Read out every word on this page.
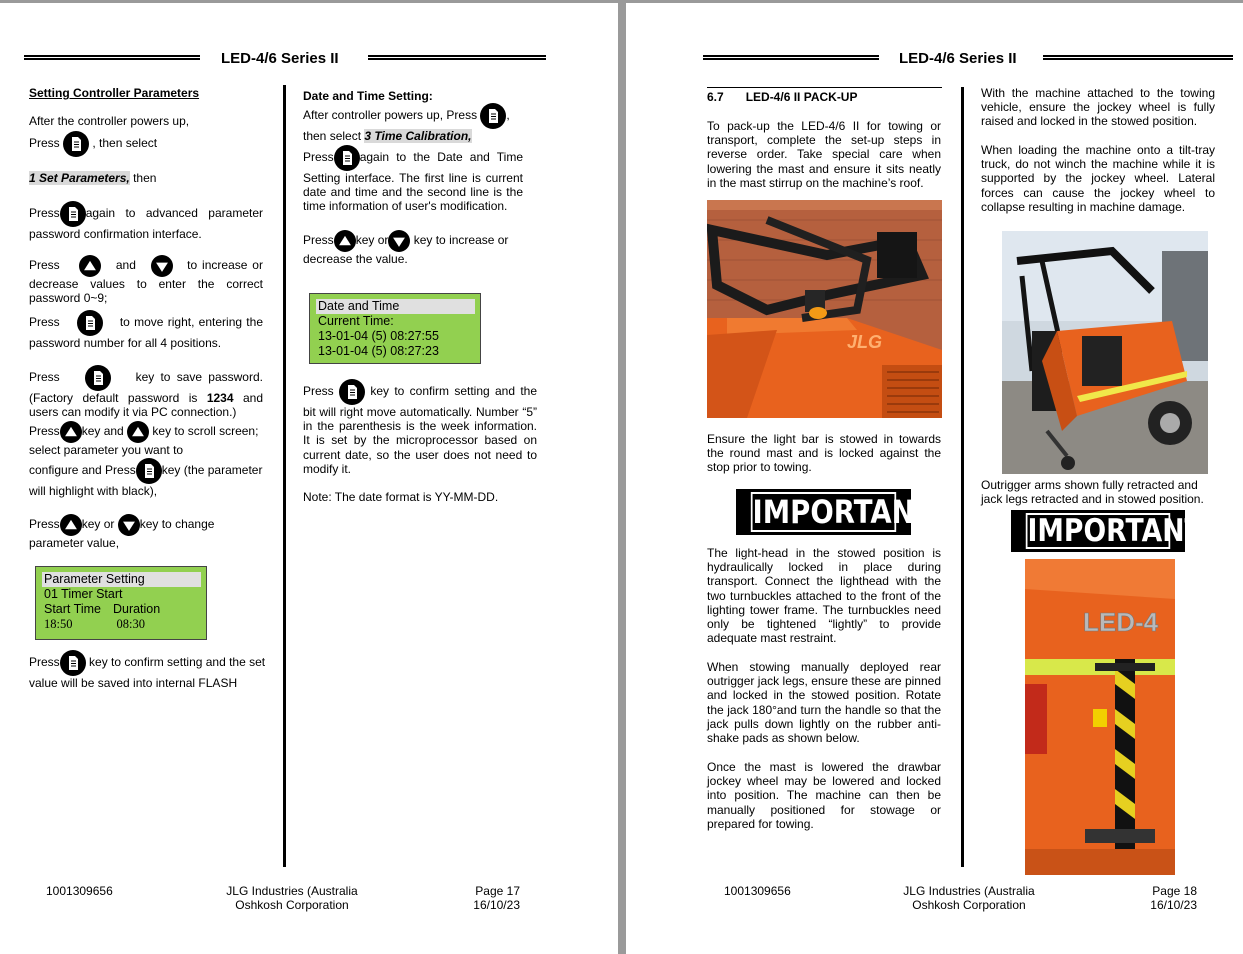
LED-4/6 Series II
Setting Controller Parameters
After the controller powers up,
Press	, then select
1 Set Parameters, then
Press again to advanced parameter password confirmation interface.
Press	and	to increase or decrease values to enter the correct password 0~9;
Press	to move right, entering the password number for all 4 positions.
Press	key to save password. (Factory default password is 1234 and users can modify it via PC connection.)
Press key and key to scroll screen; select parameter you want to
configure and Press key (the parameter will highlight with black),
Press key or key to change parameter value,
Parameter Setting
01 Timer Start
Start Time Duration
18:50	08:30
Press key to confirm setting and the set value will be saved into internal FLASH
Date and Time Setting:
After controller powers up, Press ,
then select 3 Time Calibration,
Press again to the Date and Time Setting interface. The first line is current date and time and the second line is the time information of user's modification.
Press key or key to increase or decrease the value.
Date and Time
Current Time:
13-01-04 (5) 08:27:55
13-01-04 (5) 08:27:23
Press	key to confirm setting and the bit will right move automatically. Number “5” in the parenthesis is the week information. It is set by the microprocessor based on current date, so the user does not need to modify it.
Note: The date format is YY-MM-DD.
1001309656	JLG Industries (Australia
Oshkosh Corporation
Page 17
16/10/23
LED-4/6 Series II
6.7 LED-4/6 II PACK-UP
To pack-up the LED-4/6 II for towing or transport, complete the set-up steps in reverse order. Take special care when lowering the mast and ensure it sits neatly in the mast stirrup on the machine’s roof.
JLG
Ensure the light bar is stowed in towards the round mast and is locked against the stop prior to towing.
IMPORTANT
The light-head in the stowed position is hydraulically locked in place during transport. Connect the lighthead with the two turnbuckles attached to the front of the lighting tower frame. The turnbuckles need only be tightened “lightly” to provide adequate mast restraint.
When stowing manually deployed rear outrigger jack legs, ensure these are pinned and locked in the stowed position. Rotate the jack 180°and turn the handle so that the jack pulls down lightly on the rubber anti-shake pads as shown below.
Once the mast is lowered the drawbar jockey wheel may be lowered and locked into position. The machine can then be manually positioned for stowage or prepared for towing.
With the machine attached to the towing vehicle, ensure the jockey wheel is fully raised and locked in the stowed position.
When loading the machine onto a tilt-tray truck, do not winch the machine while it is supported by the jockey wheel. Lateral forces can cause the jockey wheel to collapse resulting in machine damage.
Outrigger arms shown fully retracted and jack legs retracted and in stowed position.
IMPORTANT
LED-4
1001309656	JLG Industries (Australia
Oshkosh Corporation
Page 18
16/10/23
